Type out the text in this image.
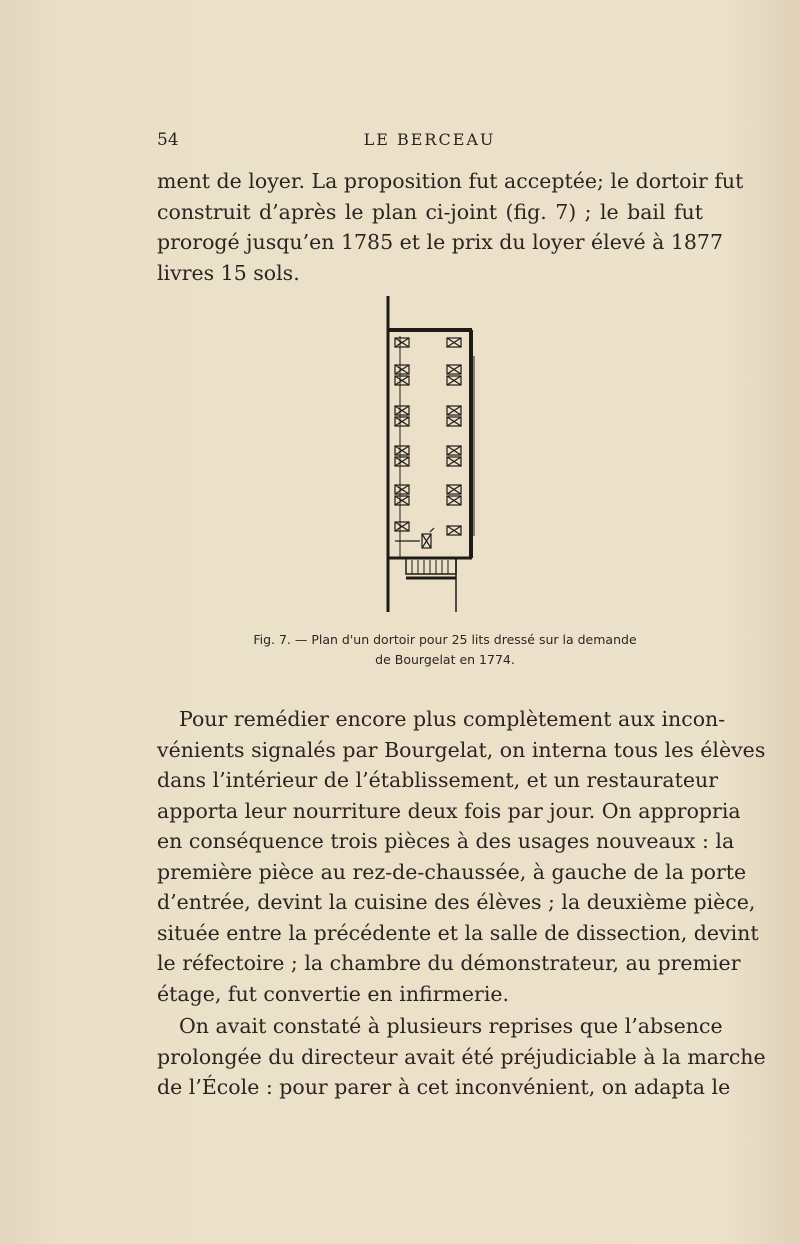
54	LE BERCEAU
ment de loyer. La proposition fut acceptée; le dortoir fut
construit d’après le plan ci-joint (fig. 7) ; le bail fut
prorogé jusqu’en 1785 et le prix du loyer élevé à 1877
livres 15 sols.
Fig. 7. — Plan d'un dortoir pour 25 lits dressé sur la demande
de Bourgelat en 1774.
Pour remédier encore plus complètement aux incon-
vénients signalés par Bourgelat, on interna tous les élèves
dans l’intérieur de l’établissement, et un restaurateur
apporta leur nourriture deux fois par jour. On appropria
en conséquence trois pièces à des usages nouveaux : la
première pièce au rez-de-chaussée, à gauche de la porte
d’entrée, devint la cuisine des élèves ; la deuxième pièce,
située entre la précédente et la salle de dissection, devint
le réfectoire ; la chambre du démonstrateur, au premier
étage, fut convertie en infirmerie.
On avait constaté à plusieurs reprises que l’absence
prolongée du directeur avait été préjudiciable à la marche
de l’École : pour parer à cet inconvénient, on adapta le
